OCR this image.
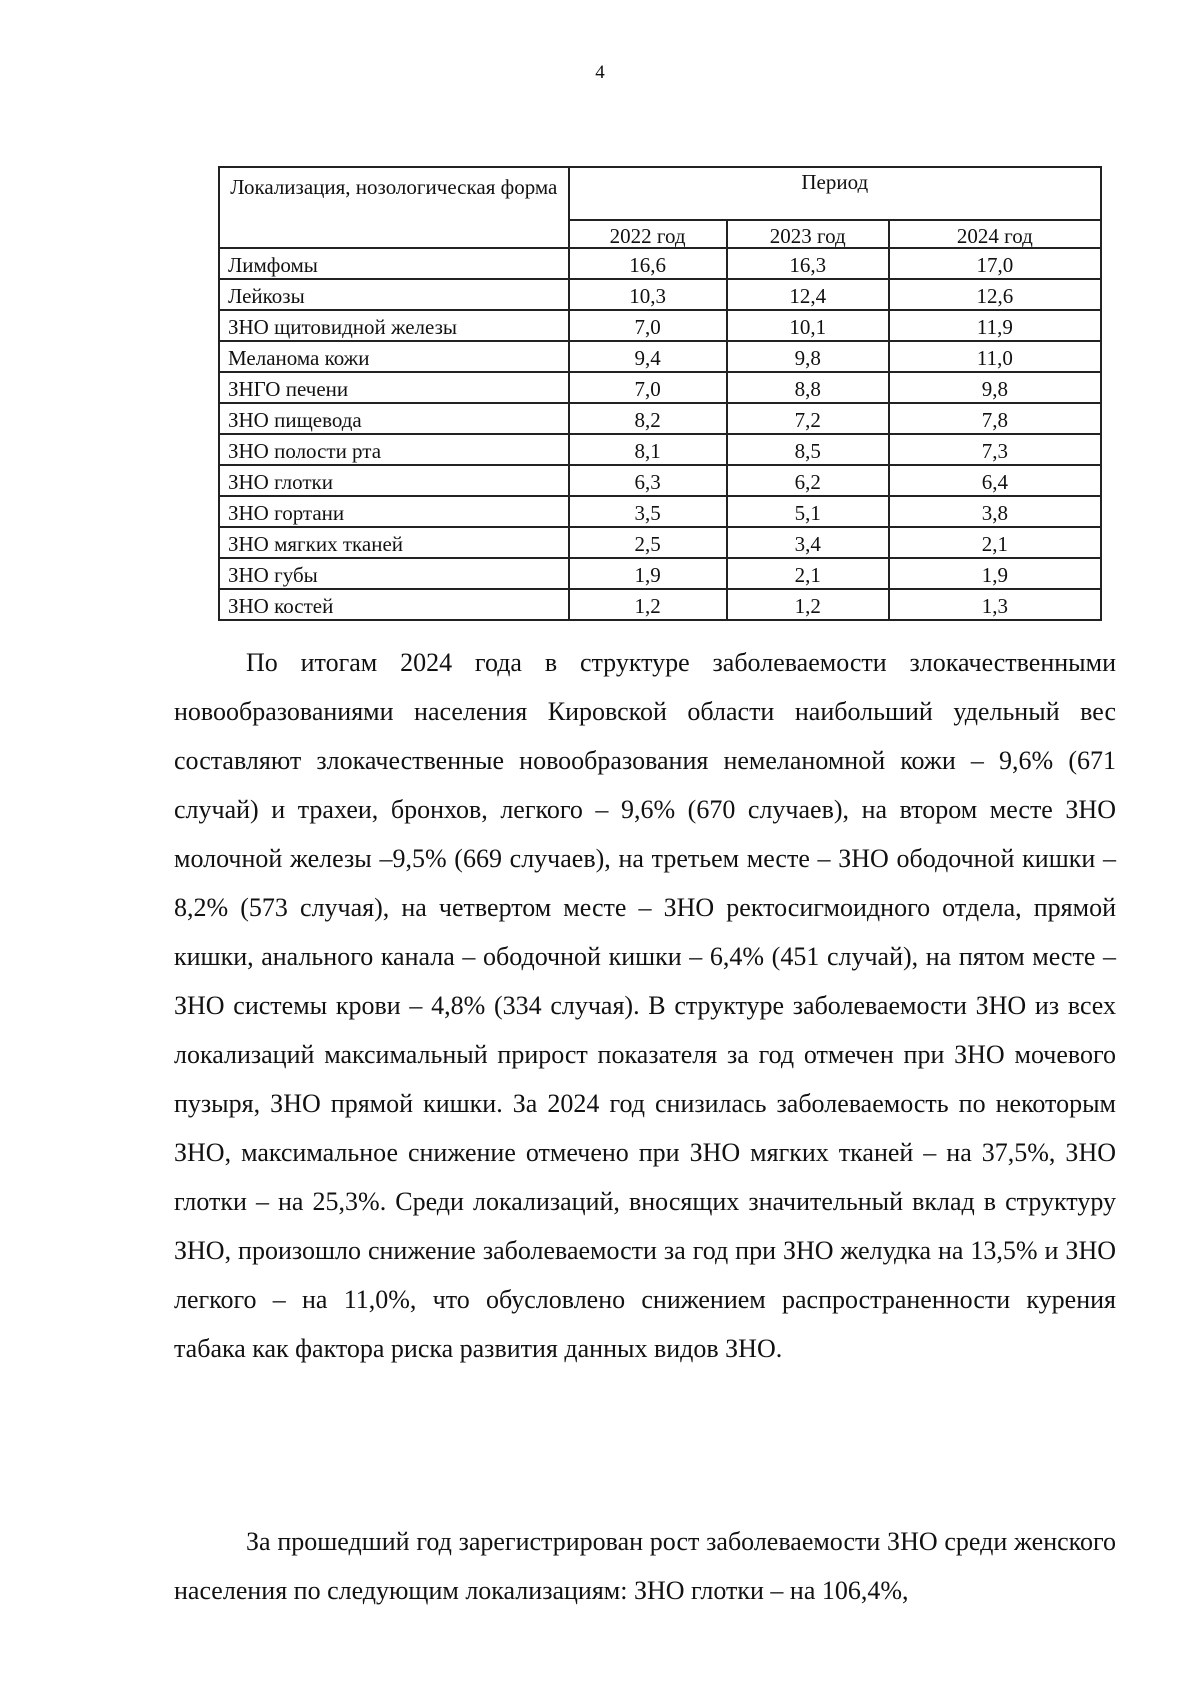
4
Локализация, нозологическая форма	Период		
	2022 год	2023 год	2024 год
Лимфомы	16,6	16,3	17,0
Лейкозы	10,3	12,4	12,6
ЗНО щитовидной железы	7,0	10,1	11,9
Меланома кожи	9,4	9,8	11,0
ЗНГО печени	7,0	8,8	9,8
ЗНО пищевода	8,2	7,2	7,8
ЗНО полости рта	8,1	8,5	7,3
ЗНО глотки	6,3	6,2	6,4
ЗНО гортани	3,5	5,1	3,8
ЗНО мягких тканей	2,5	3,4	2,1
ЗНО губы	1,9	2,1	1,9
ЗНО костей	1,2	1,2	1,3

По итогам 2024 года в структуре заболеваемости злокачественными новообразованиями населения Кировской области наибольший удельный вес составляют злокачественные новообразования немеланомной кожи – 9,6% (671 случай) и трахеи, бронхов, легкого – 9,6% (670 случаев), на втором месте ЗНО молочной железы –9,5% (669 случаев), на третьем месте – ЗНО ободочной кишки – 8,2% (573 случая), на четвертом месте – ЗНО ректосигмоидного отдела, прямой кишки, анального канала – ободочной кишки – 6,4% (451 случай), на пятом месте – ЗНО системы крови – 4,8% (334 случая). В структуре заболеваемости ЗНО из всех локализаций максимальный прирост показателя за год отмечен при ЗНО мочевого пузыря, ЗНО прямой кишки. За 2024 год снизилась заболеваемость по некоторым ЗНО, максимальное снижение отмечено при ЗНО мягких тканей – на 37,5%, ЗНО глотки – на 25,3%. Среди локализаций, вносящих значительный вклад в структуру ЗНО, произошло снижение заболеваемости за год при ЗНО желудка на 13,5% и ЗНО легкого – на 11,0%, что обусловлено снижением распространенности курения табака как фактора риска развития данных видов ЗНО.

За прошедший год зарегистрирован рост заболеваемости ЗНО среди женского населения по следующим локализациям: ЗНО глотки – на 106,4%,
